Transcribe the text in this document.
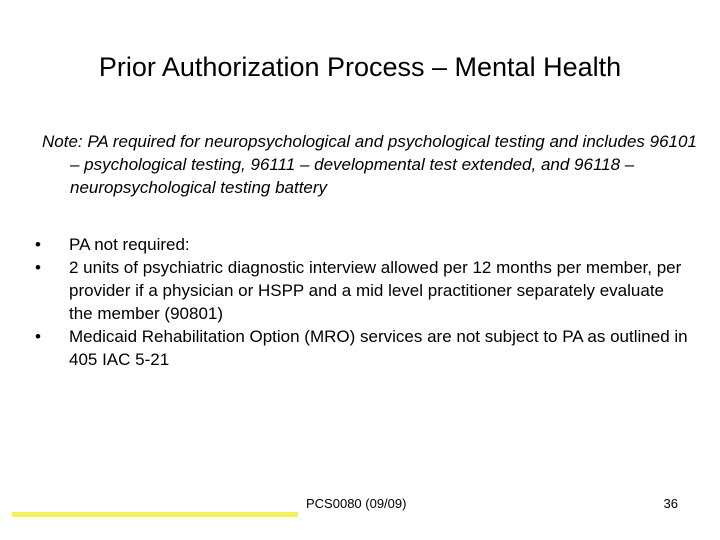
Prior Authorization Process – Mental Health
Note: PA required for neuropsychological and psychological testing and includes 96101 – psychological testing, 96111 – developmental test extended, and 96118 – neuropsychological testing battery
•	PA not required:
•	2 units of psychiatric diagnostic interview allowed per 12 months per member, per provider if a physician or HSPP and a mid level practitioner separately evaluate the member (90801)
•	Medicaid Rehabilitation Option (MRO) services are not subject to PA as outlined in 405 IAC 5-21
PCS0080 (09/09)	36
